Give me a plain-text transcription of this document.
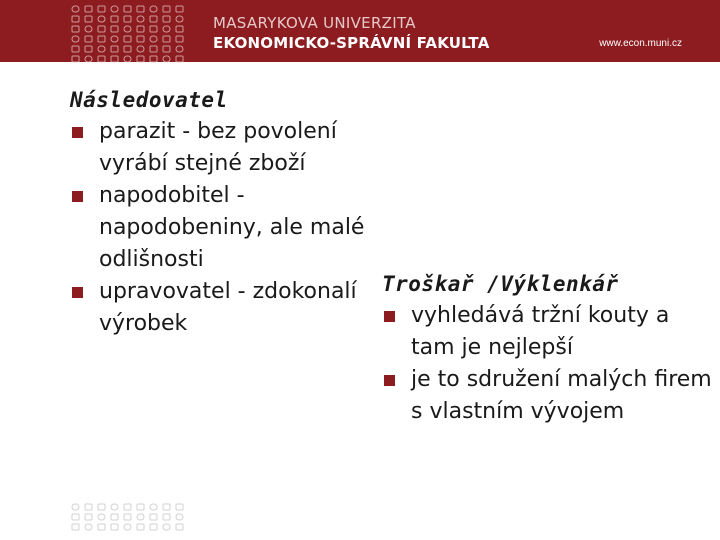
MASARYKOVA UNIVERZITA
EKONOMICKO-SPRÁVNÍ FAKULTA	www.econ.muni.cz
Následovatel
parazit - bez povolení vyrábí stejné zboží
napodobitel - napodobeniny, ale malé odlišnosti
upravovatel - zdokonalí výrobek
Troškař /Výklenkář
vyhledává tržní kouty a tam je nejlepší
je to sdružení malých firem s vlastním vývojem
